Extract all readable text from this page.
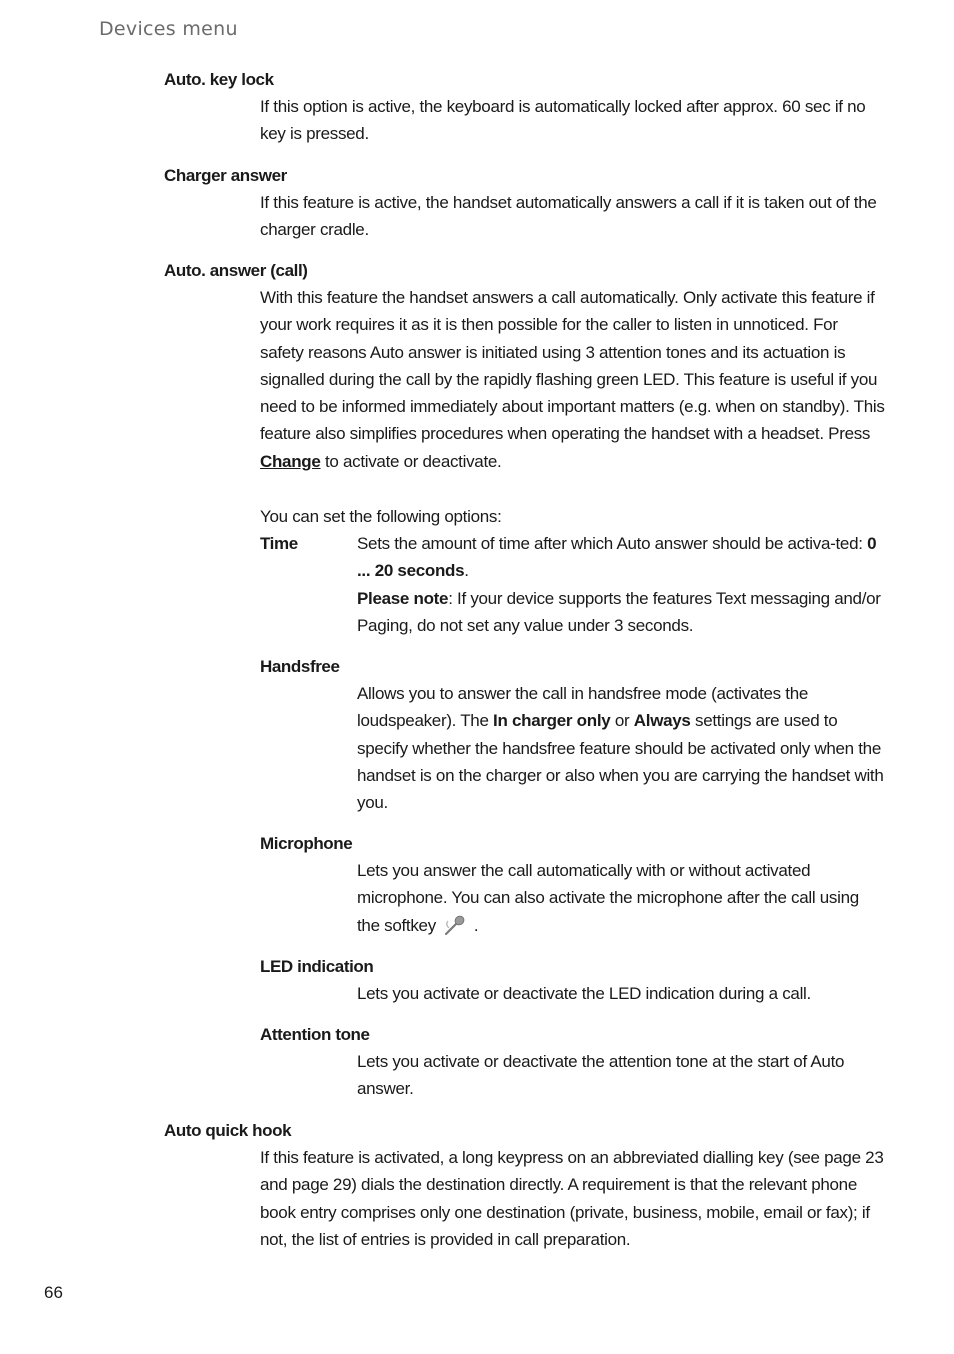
Devices menu
Auto. key lock
If this option is active, the keyboard is automatically locked after approx. 60 sec if no key is pressed.
Charger answer
If this feature is active, the handset automatically answers a call if it is taken out of the charger cradle.
Auto. answer (call)
With this feature the handset answers a call automatically. Only activate this feature if your work requires it as it is then possible for the caller to listen in unnoticed. For safety reasons Auto answer is initiated using 3 attention tones and its actuation is signalled during the call by the rapidly flashing green LED. This feature is useful if you need to be informed immediately about important matters (e.g. when on standby). This feature also simplifies procedures when operating the handset with a headset. Press Change to activate or deactivate.
You can set the following options:
Time	Sets the amount of time after which Auto answer should be activa-ted: 0 ... 20 seconds.
Please note: If your device supports the features Text messaging and/or Paging, do not set any value under 3 seconds.
Handsfree
Allows you to answer the call in handsfree mode (activates the loudspeaker). The In charger only or Always settings are used to specify whether the handsfree feature should be activated only when the handset is on the charger or also when you are carrying the handset with you.
Microphone
Lets you answer the call automatically with or without activated microphone. You can also activate the microphone after the call using the softkey .
LED indication
Lets you activate or deactivate the LED indication during a call.
Attention tone
Lets you activate or deactivate the attention tone at the start of Auto answer.
Auto quick hook
If this feature is activated, a long keypress on an abbreviated dialling key (see page 23 and page 29) dials the destination directly. A requirement is that the relevant phone book entry comprises only one destination (private, business, mobile, email or fax); if not, the list of entries is provided in call preparation.
66
